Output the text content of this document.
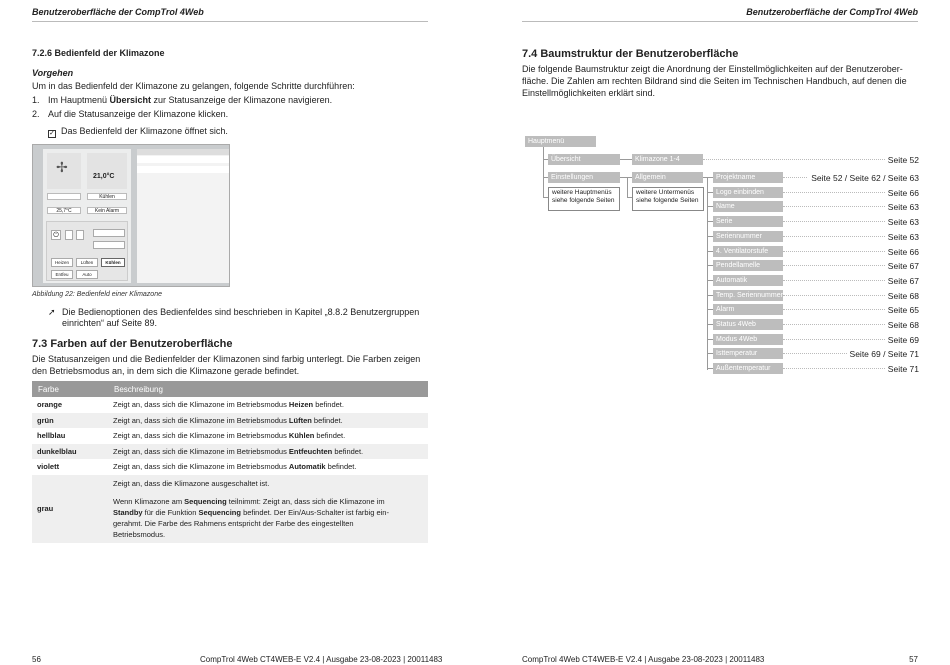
Benutzeroberfläche der CompTrol 4Web
7.2.6 Bedienfeld der Klimazone
Vorgehen
Um in das Bedienfeld der Klimazone zu gelangen, folgende Schritte durchführen:
1. Im Hauptmenü Übersicht zur Statusanzeige der Klimazone navigieren.
2. Auf die Statusanzeige der Klimazone klicken.
✓ Das Bedienfeld der Klimazone öffnet sich.
✢
21,0°C
Kühlen
25,7°C	Kein Alarm
⏻
Heizen	Lüften	Kühlen
Entfeu	Auto
Abbildung 22: Bedienfeld einer Klimazone
➚ Die Bedienoptionen des Bedienfeldes sind beschrieben in Kapitel „8.8.2 Benutzergruppen
einrichten“ auf Seite 89.
7.3 Farben auf der Benutzeroberfläche
Die Statusanzeigen und die Bedienfelder der Klimazonen sind farbig unterlegt. Die Farben zeigen
den Betriebsmodus an, in dem sich die Klimazone gerade befindet.
Farbe	Beschreibung
orange	Zeigt an, dass sich die Klimazone im Betriebsmodus Heizen befindet.
grün	Zeigt an, dass sich die Klimazone im Betriebsmodus Lüften befindet.
hellblau	Zeigt an, dass sich die Klimazone im Betriebsmodus Kühlen befindet.
dunkelblau	Zeigt an, dass sich die Klimazone im Betriebsmodus Entfeuchten befindet.
violett	Zeigt an, dass sich die Klimazone im Betriebsmodus Automatik befindet.
grau	Zeigt an, dass die Klimazone ausgeschaltet ist.
Wenn Klimazone am Sequencing teilnimmt: Zeigt an, dass sich die Klimazone im
Standby für die Funktion Sequencing befindet. Der Ein/Aus-Schalter ist farbig ein-
gerahmt. Die Farbe des Rahmens entspricht der Farbe des eingestellten
Betriebsmodus.
56	CompTrol 4Web CT4WEB-E V2.4 | Ausgabe 23-08-2023 | 20011483
Benutzeroberfläche der CompTrol 4Web
7.4 Baumstruktur der Benutzeroberfläche
Die folgende Baumstruktur zeigt die Anordnung der Einstellmöglichkeiten auf der Benutzerober-
fläche. Die Zahlen am rechten Bildrand sind die Seiten im Technischen Handbuch, auf denen die
Einstellmöglichkeiten erklärt sind.
Hauptmenü
Übersicht	Klimazone 1-4	Seite 52
Einstellungen	Allgemein
weitere Hauptmenüs
siehe folgende Seiten
weitere Untermenüs
siehe folgende Seiten
Projektname	Seite 52 / Seite 62 / Seite 63
Logo einbinden	Seite 66
Name	Seite 63
Serie	Seite 63
Seriennummer	Seite 63
4. Ventilatorstufe	Seite 66
Pendellamelle	Seite 67
Automatik	Seite 67
Temp. Seriennummer	Seite 68
Alarm	Seite 65
Status 4Web	Seite 68
Modus 4Web	Seite 69
Isttemperatur	Seite 69 / Seite 71
Außentemperatur	Seite 71
CompTrol 4Web CT4WEB-E V2.4 | Ausgabe 23-08-2023 | 20011483	57
